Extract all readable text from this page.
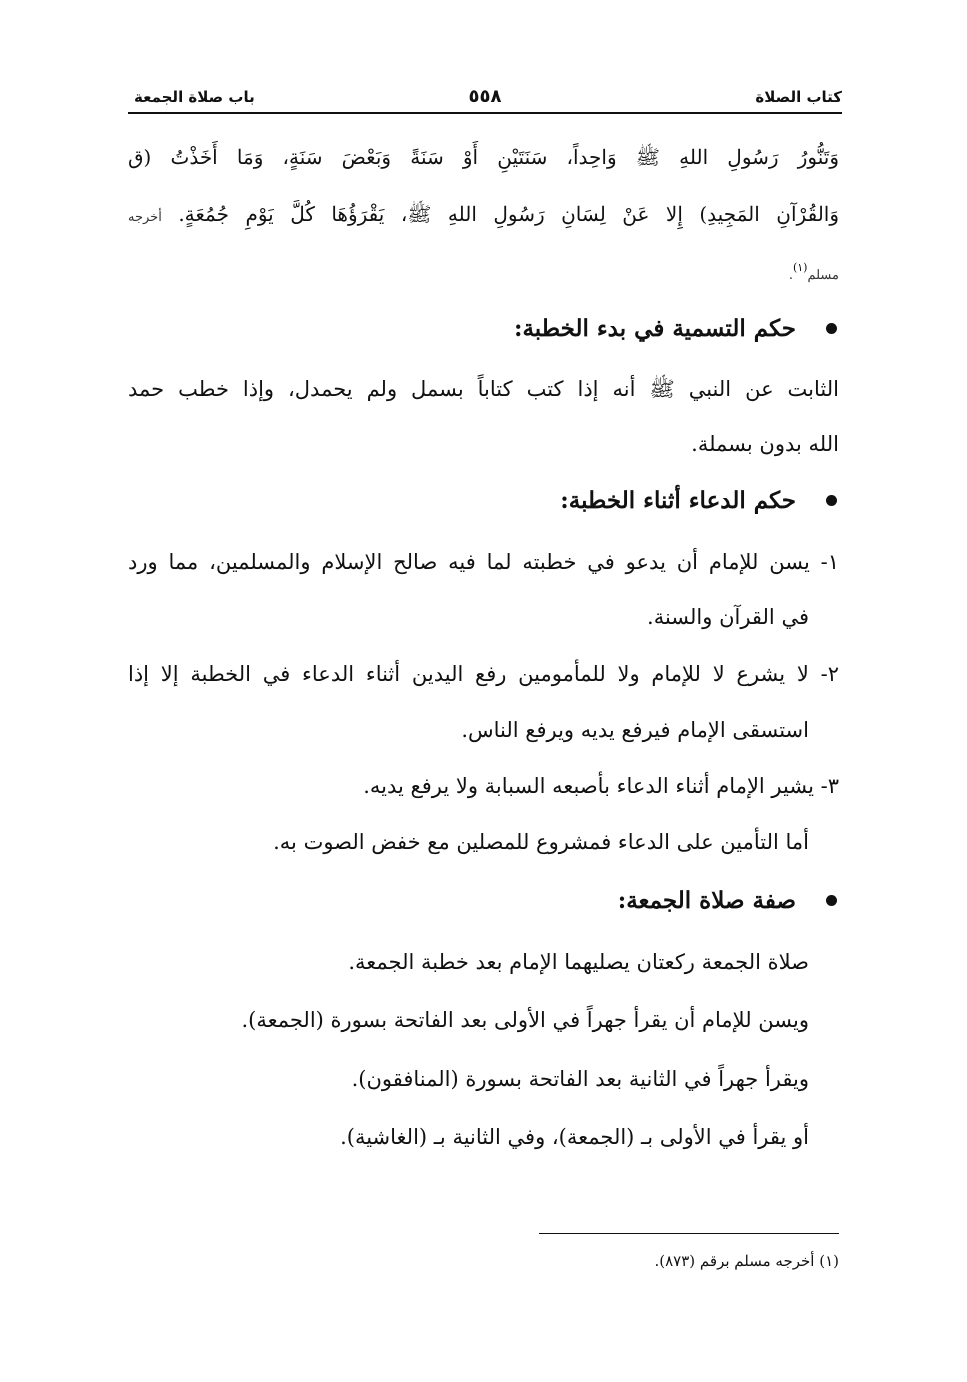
كتاب الصلاة
٥٥٨
باب صلاة الجمعة
وَتَنُّورُ رَسُولِ اللهِ ﷺ وَاحِداً، سَنَتَيْنِ أَوْ سَنَةً وَبَعْضَ سَنَةٍ، وَمَا أَخَذْتُ (ق
وَالقُرْآنِ المَجِيدِ) إِلا عَنْ لِسَانِ رَسُولِ اللهِ ﷺ، يَقْرَؤُهَا كُلَّ يَوْمِ جُمُعَةٍ. أخرجه
مسلم$^{(١)}$.
حكم التسمية في بدء الخطبة:
الثابت عن النبي ﷺ أنه إذا كتب كتاباً بسمل ولم يحمدل، وإذا خطب حمد
الله بدون بسملة.
حكم الدعاء أثناء الخطبة:
١- يسن للإمام أن يدعو في خطبته لما فيه صالح الإسلام والمسلمين، مما ورد
في القرآن والسنة.
٢- لا يشرع لا للإمام ولا للمأمومين رفع اليدين أثناء الدعاء في الخطبة إلا إذا
استسقى الإمام فيرفع يديه ويرفع الناس.
٣- يشير الإمام أثناء الدعاء بأصبعه السبابة ولا يرفع يديه.
أما التأمين على الدعاء فمشروع للمصلين مع خفض الصوت به.
صفة صلاة الجمعة:
صلاة الجمعة ركعتان يصليهما الإمام بعد خطبة الجمعة.
ويسن للإمام أن يقرأ جهراً في الأولى بعد الفاتحة بسورة (الجمعة).
ويقرأ جهراً في الثانية بعد الفاتحة بسورة (المنافقون).
أو يقرأ في الأولى بـ (الجمعة)، وفي الثانية بـ (الغاشية).
(١) أخرجه مسلم برقم (٨٧٣).
